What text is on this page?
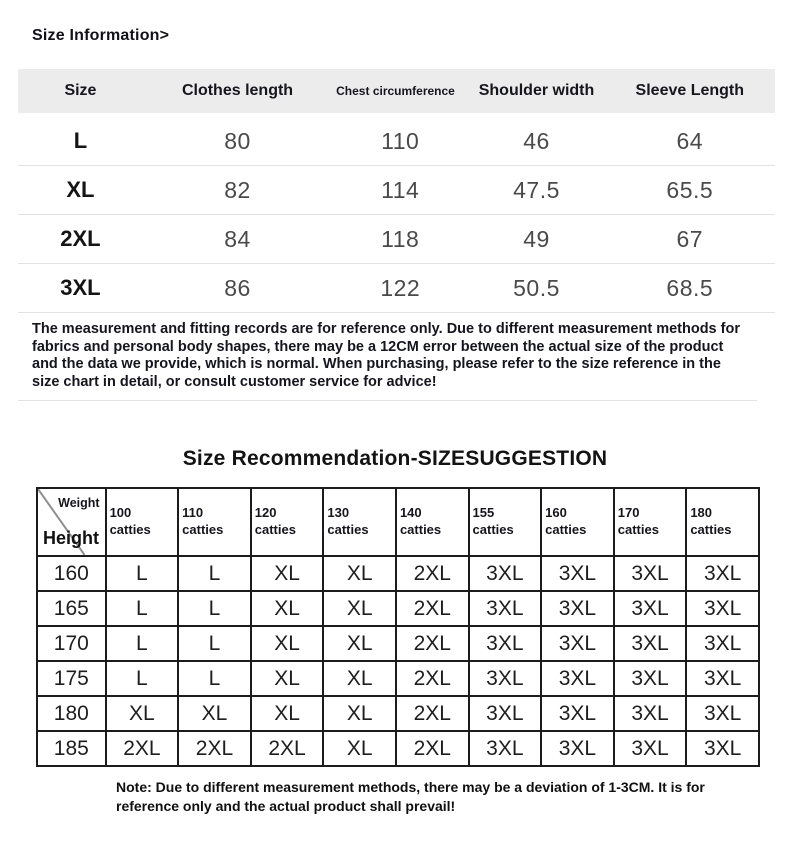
Size Information>
Size	Clothes length	Chest circumference	Shoulder width	Sleeve Length
L	80	110	46	64
XL	82	114	47.5	65.5
2XL	84	118	49	67
3XL	86	122	50.5	68.5

The measurement and fitting records are for reference only. Due to different measurement methods for fabrics and personal body shapes, there may be a 12CM error between the actual size of the product and the data we provide, which is normal. When purchasing, please refer to the size reference in the size chart in detail, or consult customer service for advice!

Size Recommendation-SIZESUGGESTION
Weight
Height	100 catties	110 catties	120 catties	130 catties	140 catties	155 catties	160 catties	170 catties	180 catties
160	L	L	XL	XL	2XL	3XL	3XL	3XL	3XL
165	L	L	XL	XL	2XL	3XL	3XL	3XL	3XL
170	L	L	XL	XL	2XL	3XL	3XL	3XL	3XL
175	L	L	XL	XL	2XL	3XL	3XL	3XL	3XL
180	XL	XL	XL	XL	2XL	3XL	3XL	3XL	3XL
185	2XL	2XL	2XL	XL	2XL	3XL	3XL	3XL	3XL

Note: Due to different measurement methods, there may be a deviation of 1-3CM. It is for reference only and the actual product shall prevail!
